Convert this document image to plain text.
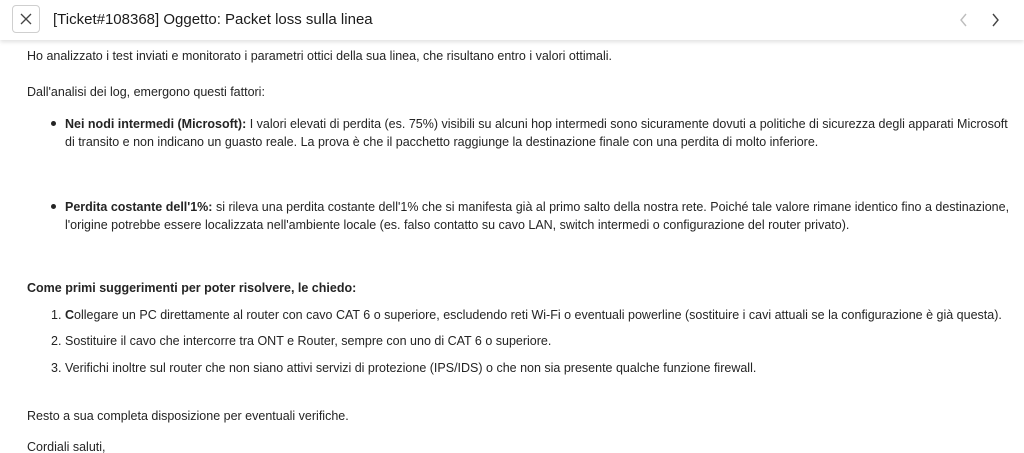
[Ticket#108368] Oggetto: Packet loss sulla linea
Ho analizzato i test inviati e monitorato i parametri ottici della sua linea, che risultano entro i valori ottimali.
Dall'analisi dei log, emergono questi fattori:
Nei nodi intermedi (Microsoft): I valori elevati di perdita (es. 75%) visibili su alcuni hop intermedi sono sicuramente dovuti a politiche di sicurezza degli apparati Microsoft di transito e non indicano un guasto reale. La prova è che il pacchetto raggiunge la destinazione finale con una perdita di molto inferiore.
Perdita costante dell'1%: si rileva una perdita costante dell'1% che si manifesta già al primo salto della nostra rete. Poiché tale valore rimane identico fino a destinazione, l'origine potrebbe essere localizzata nell'ambiente locale (es. falso contatto su cavo LAN, switch intermedi o configurazione del router privato).
Come primi suggerimenti per poter risolvere, le chiedo:
1. Collegare un PC direttamente al router con cavo CAT 6 o superiore, escludendo reti Wi-Fi o eventuali powerline (sostituire i cavi attuali se la configurazione è già questa).
2. Sostituire il cavo che intercorre tra ONT e Router, sempre con uno di CAT 6 o superiore.
3. Verifichi inoltre sul router che non siano attivi servizi di protezione (IPS/IDS) o che non sia presente qualche funzione firewall.
Resto a sua completa disposizione per eventuali verifiche.
Cordiali saluti,
